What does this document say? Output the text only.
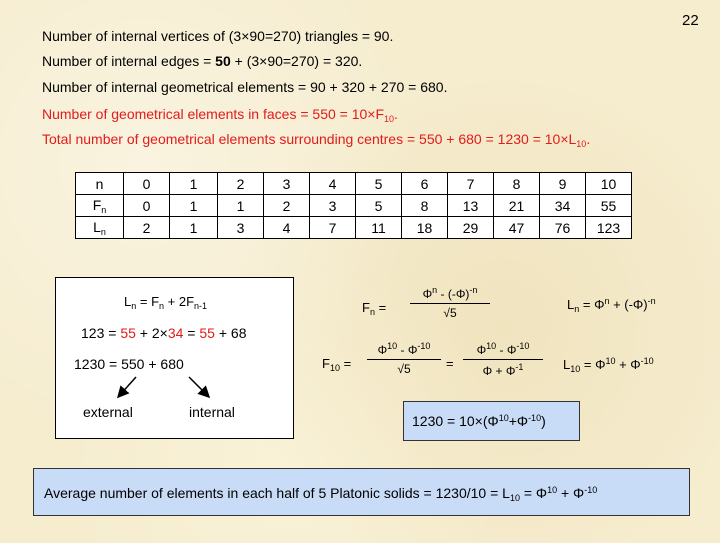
22
Number of internal vertices of (3×90=270) triangles = 90.
Number of internal edges = 50 + (3×90=270) = 320.
Number of internal geometrical elements = 90 + 320 + 270 = 680.
Number of geometrical elements in faces = $550 = 10\times F_{10}$.
Total number of geometrical elements surrounding centres = $550 + 680 = 1230 = 10\times L_{10}$.
n	0	1	2	3	4	5	6	7	8	9	10
$F_n$	0	1	1	2	3	5	8	13	21	34	55
$L_n$	2	1	3	4	7	11	18	29	47	76	123
$L_n = F_n + 2F_{n-1}$
123 = 55 + 2×34 = 55 + 68
1230 = 550 + 680
external	internal
$F_n = \frac{\Phi^n - (-\Phi)^{-n}}{√5}$	$L_n = \Phi^n + (-\Phi)^{-n}$
$F_{10} = \frac{\Phi^{10} - \Phi^{-10}}{√5} = \frac{\Phi^{10} - \Phi^{-10}}{\Phi + \Phi^{-1}} L_{10} = \Phi^{10} + \Phi^{-10}$
$1230 = 10\times(\Phi^{10}+\Phi^{-10})$
Average number of elements in each half of 5 Platonic solids = $1230/10 = L_{10} = \Phi^{10} + \Phi^{-10}$
